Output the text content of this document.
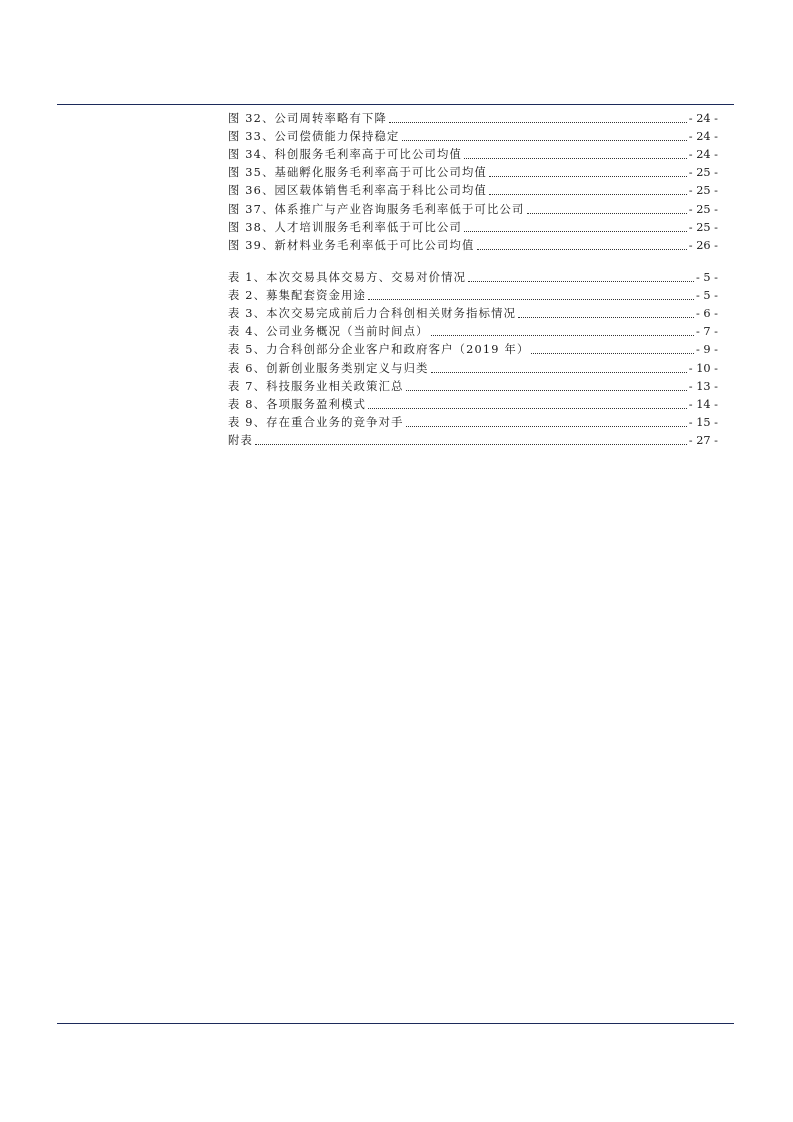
图 32、公司周转率略有下降	- 24 -
图 33、公司偿债能力保持稳定	- 24 -
图 34、科创服务毛利率高于可比公司均值	- 24 -
图 35、基础孵化服务毛利率高于可比公司均值	- 25 -
图 36、园区载体销售毛利率高于科比公司均值	- 25 -
图 37、体系推广与产业咨询服务毛利率低于可比公司	- 25 -
图 38、人才培训服务毛利率低于可比公司	- 25 -
图 39、新材料业务毛利率低于可比公司均值	- 26 -
表 1、本次交易具体交易方、交易对价情况	- 5 -
表 2、募集配套资金用途	- 5 -
表 3、本次交易完成前后力合科创相关财务指标情况	- 6 -
表 4、公司业务概况（当前时间点）	- 7 -
表 5、力合科创部分企业客户和政府客户（2019 年）	- 9 -
表 6、创新创业服务类别定义与归类	- 10 -
表 7、科技服务业相关政策汇总	- 13 -
表 8、各项服务盈利模式	- 14 -
表 9、存在重合业务的竞争对手	- 15 -
附表	- 27 -
